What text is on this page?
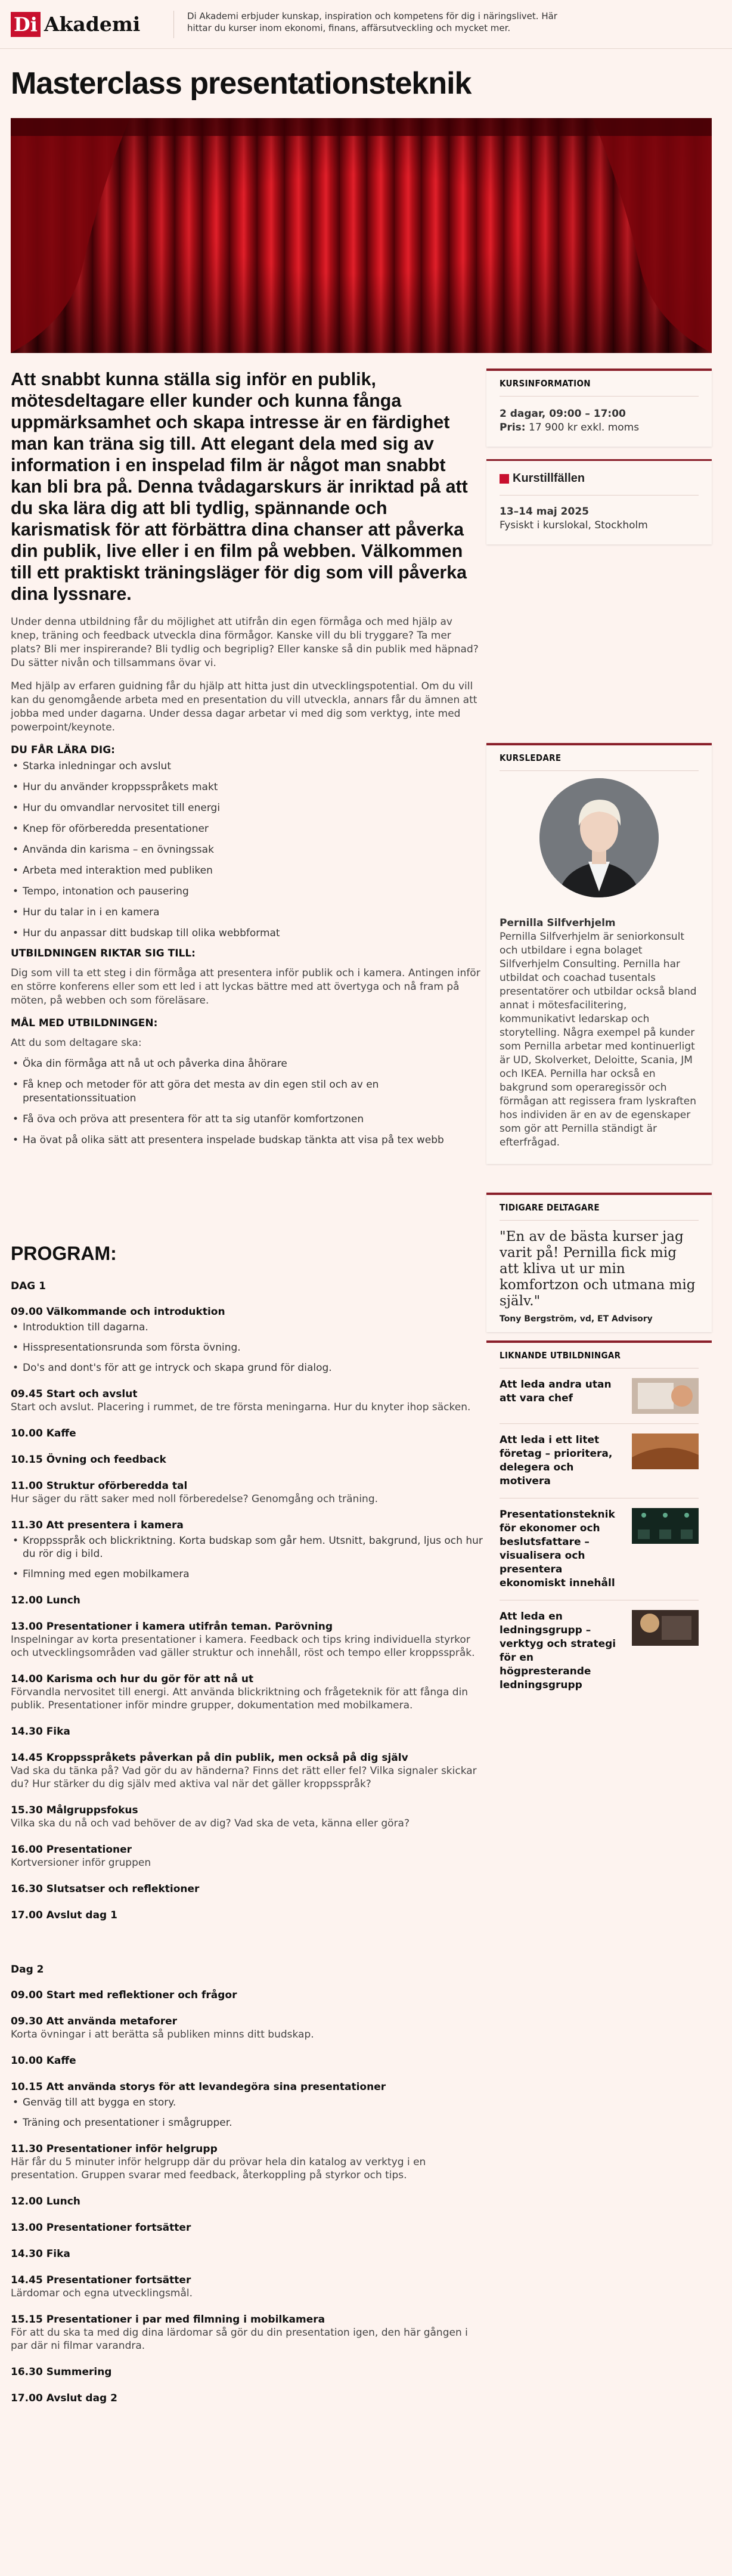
Di Akademi	Di Akademi erbjuder kunskap, inspiration och kompetens för dig i näringslivet. Här hittar du kurser inom ekonomi, finans, affärsutveckling och mycket mer.
Masterclass presentationsteknik

Att snabbt kunna ställa sig inför en publik, mötesdeltagare eller kunder och kunna fånga uppmärksamhet och skapa intresse är en färdighet man kan träna sig till. Att elegant dela med sig av information i en inspelad film är något man snabbt kan bli bra på. Denna tvådagarskurs är inriktad på att du ska lära dig att bli tydlig, spännande och karismatisk för att förbättra dina chanser att påverka din publik, live eller i en film på webben. Välkommen till ett praktiskt träningsläger för dig som vill påverka dina lyssnare.

Under denna utbildning får du möjlighet att utifrån din egen förmåga och med hjälp av knep, träning och feedback utveckla dina förmågor. Kanske vill du bli tryggare? Ta mer plats? Bli mer inspirerande? Bli tydlig och begriplig? Eller kanske så din publik med häpnad? Du sätter nivån och tillsammans övar vi.

Med hjälp av erfaren guidning får du hjälp att hitta just din utvecklingspotential. Om du vill kan du genomgående arbeta med en presentation du vill utveckla, annars får du ämnen att jobba med under dagarna. Under dessa dagar arbetar vi med dig som verktyg, inte med powerpoint/keynote.

DU FÅR LÄRA DIG:
• Starka inledningar och avslut
• Hur du använder kroppsspråkets makt
• Hur du omvandlar nervositet till energi
• Knep för oförberedda presentationer
• Använda din karisma – en övningssak
• Arbeta med interaktion med publiken
• Tempo, intonation och pausering
• Hur du talar in i en kamera
• Hur du anpassar ditt budskap till olika webbformat
UTBILDNINGEN RIKTAR SIG TILL:

Dig som vill ta ett steg i din förmåga att presentera inför publik och i kamera. Antingen inför en större konferens eller som ett led i att lyckas bättre med att övertyga och nå fram på möten, på webben och som föreläsare.

MÅL MED UTBILDNINGEN:

Att du som deltagare ska:

• Öka din förmåga att nå ut och påverka dina åhörare
• Få knep och metoder för att göra det mesta av din egen stil och av en presentationssituation
• Få öva och pröva att presentera för att ta sig utanför komfortzonen
• Ha övat på olika sätt att presentera inspelade budskap tänkta att visa på tex webb
PROGRAM:
DAG 1
09.00 Välkommande och introduktion
• Introduktion till dagarna.
• Hisspresentationsrunda som första övning.
• Do's and dont's för att ge intryck och skapa grund för dialog.
09.45 Start och avslut
Start och avslut. Placering i rummet, de tre första meningarna. Hur du knyter ihop säcken.
10.00 Kaffe
10.15 Övning och feedback
11.00 Struktur oförberedda tal
Hur säger du rätt saker med noll förberedelse? Genomgång och träning.
11.30 Att presentera i kamera
• Kroppsspråk och blickriktning. Korta budskap som går hem. Utsnitt, bakgrund, ljus och hur du rör dig i bild.
• Filmning med egen mobilkamera
12.00 Lunch
13.00 Presentationer i kamera utifrån teman. Parövning
Inspelningar av korta presentationer i kamera. Feedback och tips kring individuella styrkor och utvecklingsområden vad gäller struktur och innehåll, röst och tempo eller kroppsspråk.
14.00 Karisma och hur du gör för att nå ut
Förvandla nervositet till energi. Att använda blickriktning och frågeteknik för att fånga din publik. Presentationer inför mindre grupper, dokumentation med mobilkamera.
14.30 Fika
14.45 Kroppsspråkets påverkan på din publik, men också på dig själv
Vad ska du tänka på? Vad gör du av händerna? Finns det rätt eller fel? Vilka signaler skickar du? Hur stärker du dig själv med aktiva val när det gäller kroppsspråk?
15.30 Målgruppsfokus
Vilka ska du nå och vad behöver de av dig? Vad ska de veta, känna eller göra?
16.00 Presentationer
Kortversioner inför gruppen
16.30 Slutsatser och reflektioner
17.00 Avslut dag 1
Dag 2
09.00 Start med reflektioner och frågor
09.30 Att använda metaforer
Korta övningar i att berätta så publiken minns ditt budskap.
10.00 Kaffe
10.15 Att använda storys för att levandegöra sina presentationer
• Genväg till att bygga en story.
• Träning och presentationer i smågrupper.
11.30 Presentationer inför helgrupp
Här får du 5 minuter inför helgrupp där du prövar hela din katalog av verktyg i en presentation. Gruppen svarar med feedback, återkoppling på styrkor och tips.
12.00 Lunch
13.00 Presentationer fortsätter
14.30 Fika
14.45 Presentationer fortsätter
Lärdomar och egna utvecklingsmål.
15.15 Presentationer i par med filmning i mobilkamera
För att du ska ta med dig dina lärdomar så gör du din presentation igen, den här gången i par där ni filmar varandra.
16.30 Summering
17.00 Avslut dag 2
KURSINFORMATION
2 dagar, 09:00 – 17:00
Pris: 17 900 kr exkl. moms
Kurstillfällen
13–14 maj 2025
Fysiskt i kurslokal, Stockholm
KURSLEDARE
Pernilla Silfverhjelm
Pernilla Silfverhjelm är seniorkonsult och utbildare i egna bolaget Silfverhjelm Consulting. Pernilla har utbildat och coachad tusentals presentatörer och utbildar också bland annat i mötesfacilitering, kommunikativt ledarskap och storytelling. Några exempel på kunder som Pernilla arbetar med kontinuerligt är UD, Skolverket, Deloitte, Scania, JM och IKEA. Pernilla har också en bakgrund som operaregissör och förmågan att regissera fram lyskraften hos individen är en av de egenskaper som gör att Pernilla ständigt är efterfrågad.
TIDIGARE DELTAGARE
"En av de bästa kurser jag varit på! Pernilla fick mig att kliva ut ur min komfortzon och utmana mig själv."
Tony Bergström, vd, ET Advisory
LIKNANDE UTBILDNINGAR
Att leda andra utan att vara chef
Att leda i ett litet företag – prioritera, delegera och motivera
Presentationsteknik för ekonomer och beslutsfattare – visualisera och presentera ekonomiskt innehåll
Att leda en ledningsgrupp – verktyg och strategi för en högpresterande ledningsgrupp
